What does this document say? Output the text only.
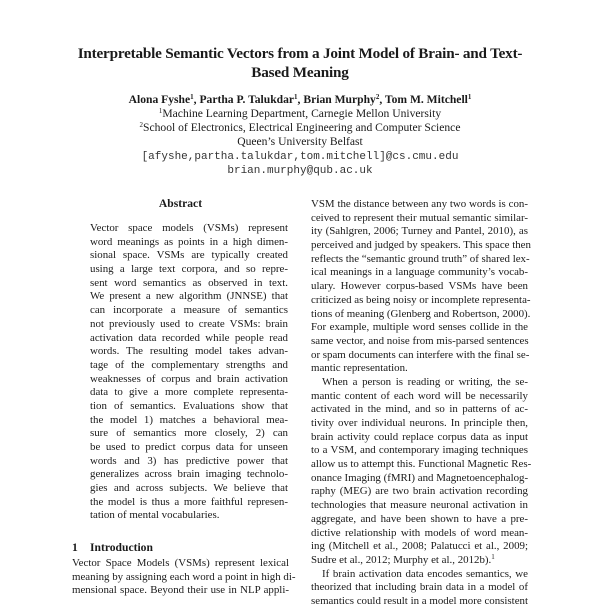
Interpretable Semantic Vectors from a Joint Model of Brain- and Text-
Based Meaning
Alona Fyshe$^1$, Partha P. Talukdar$^1$, Brian Murphy$^2$, Tom M. Mitchell$^1$
$^1$Machine Learning Department, Carnegie Mellon University
$^2$School of Electronics, Electrical Engineering and Computer Science
Queen’s University Belfast
[afyshe,partha.talukdar,tom.mitchell]@cs.cmu.edu
brian.murphy@qub.ac.uk
Abstract
Vector space models (VSMs) represent
word meanings as points in a high dimen-
sional space. VSMs are typically created
using a large text corpora, and so repre-
sent word semantics as observed in text.
We present a new algorithm (JNNSE) that
can incorporate a measure of semantics
not previously used to create VSMs: brain
activation data recorded while people read
words. The resulting model takes advan-
tage of the complementary strengths and
weaknesses of corpus and brain activation
data to give a more complete representa-
tion of semantics. Evaluations show that
the model 1) matches a behavioral mea-
sure of semantics more closely, 2) can
be used to predict corpus data for unseen
words and 3) has predictive power that
generalizes across brain imaging technolo-
gies and across subjects. We believe that
the model is thus a more faithful represen-
tation of mental vocabularies.
1 Introduction
Vector Space Models (VSMs) represent lexical
meaning by assigning each word a point in high di-
mensional space. Beyond their use in NLP appli-
VSM the distance between any two words is con-
ceived to represent their mutual semantic similar-
ity (Sahlgren, 2006; Turney and Pantel, 2010), as
perceived and judged by speakers. This space then
reflects the “semantic ground truth” of shared lex-
ical meanings in a language community’s vocab-
ulary. However corpus-based VSMs have been
criticized as being noisy or incomplete representa-
tions of meaning (Glenberg and Robertson, 2000).
For example, multiple word senses collide in the
same vector, and noise from mis-parsed sentences
or spam documents can interfere with the final se-
mantic representation.
When a person is reading or writing, the se-
mantic content of each word will be necessarily
activated in the mind, and so in patterns of ac-
tivity over individual neurons. In principle then,
brain activity could replace corpus data as input
to a VSM, and contemporary imaging techniques
allow us to attempt this. Functional Magnetic Res-
onance Imaging (fMRI) and Magnetoencephalog-
raphy (MEG) are two brain activation recording
technologies that measure neuronal activation in
aggregate, and have been shown to have a pre-
dictive relationship with models of word mean-
ing (Mitchell et al., 2008; Palatucci et al., 2009;
Sudre et al., 2012; Murphy et al., 2012b).$^1$
If brain activation data encodes semantics, we
theorized that including brain data in a model of
semantics could result in a model more consistent
